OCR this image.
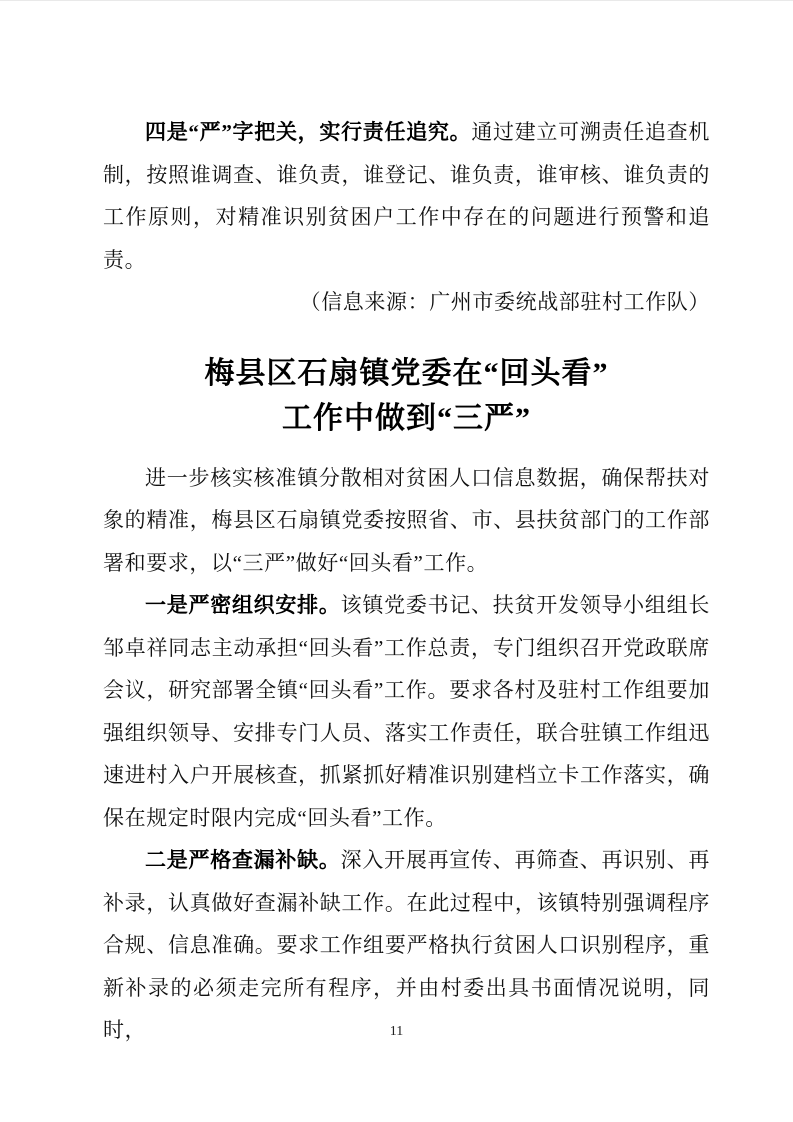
四是“严”字把关，实行责任追究。通过建立可溯责任追查机制，按照谁调查、谁负责，谁登记、谁负责，谁审核、谁负责的工作原则，对精准识别贫困户工作中存在的问题进行预警和追责。

（信息来源：广州市委统战部驻村工作队）

梅县区石扇镇党委在“回头看”
工作中做到“三严”

进一步核实核准镇分散相对贫困人口信息数据，确保帮扶对象的精准，梅县区石扇镇党委按照省、市、县扶贫部门的工作部署和要求，以“三严”做好“回头看”工作。

一是严密组织安排。该镇党委书记、扶贫开发领导小组组长邹卓祥同志主动承担“回头看”工作总责，专门组织召开党政联席会议，研究部署全镇“回头看”工作。要求各村及驻村工作组要加强组织领导、安排专门人员、落实工作责任，联合驻镇工作组迅速进村入户开展核查，抓紧抓好精准识别建档立卡工作落实，确保在规定时限内完成“回头看”工作。

二是严格查漏补缺。深入开展再宣传、再筛查、再识别、再补录，认真做好查漏补缺工作。在此过程中，该镇特别强调程序合规、信息准确。要求工作组要严格执行贫困人口识别程序，重新补录的必须走完所有程序，并由村委出具书面情况说明，同时，	11
